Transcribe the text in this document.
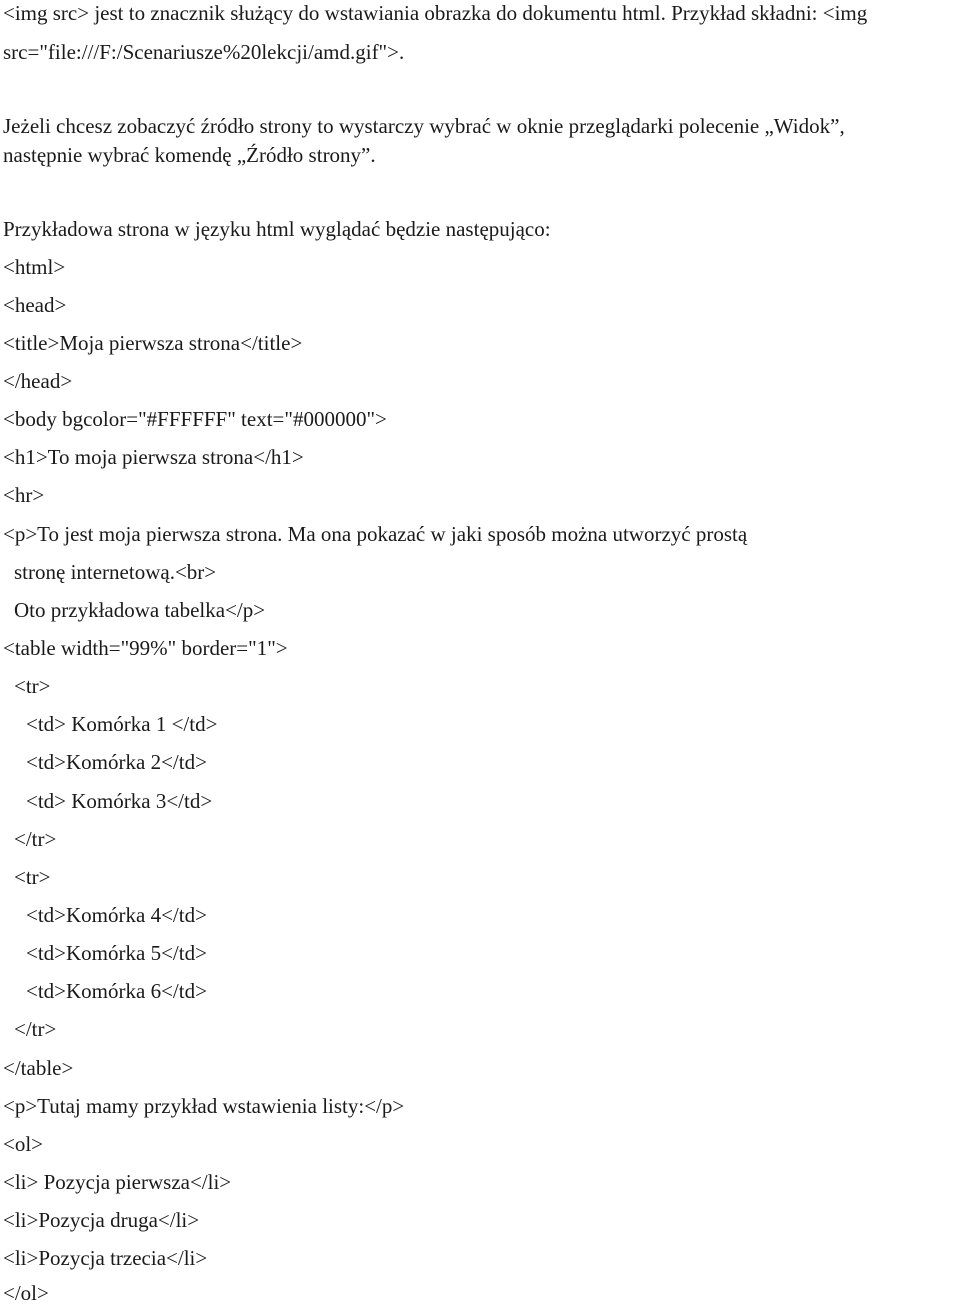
<img src> jest to znacznik służący do wstawiania obrazka do dokumentu html. Przykład składni: <img
src="file:///F:/Scenariusze%20lekcji/amd.gif">.
Jeżeli chcesz zobaczyć źródło strony to wystarczy wybrać w oknie przeglądarki polecenie „Widok”,
następnie wybrać komendę „Źródło strony”.
Przykładowa strona w języku html wyglądać będzie następująco:
<html>
<head>
<title>Moja pierwsza strona</title>
</head>
<body bgcolor="#FFFFFF" text="#000000">
<h1>To moja pierwsza strona</h1>
<hr>
<p>To jest moja pierwsza strona. Ma ona pokazać w jaki sposób można utworzyć prostą
stronę internetową.<br>
Oto przykładowa tabelka</p>
<table width="99%" border="1">
<tr>
<td> Komórka 1 </td>
<td>Komórka 2</td>
<td> Komórka 3</td>
</tr>
<tr>
<td>Komórka 4</td>
<td>Komórka 5</td>
<td>Komórka 6</td>
</tr>
</table>
<p>Tutaj mamy przykład wstawienia listy:</p>
<ol>
<li> Pozycja pierwsza</li>
<li>Pozycja druga</li>
<li>Pozycja trzecia</li>
</ol>
